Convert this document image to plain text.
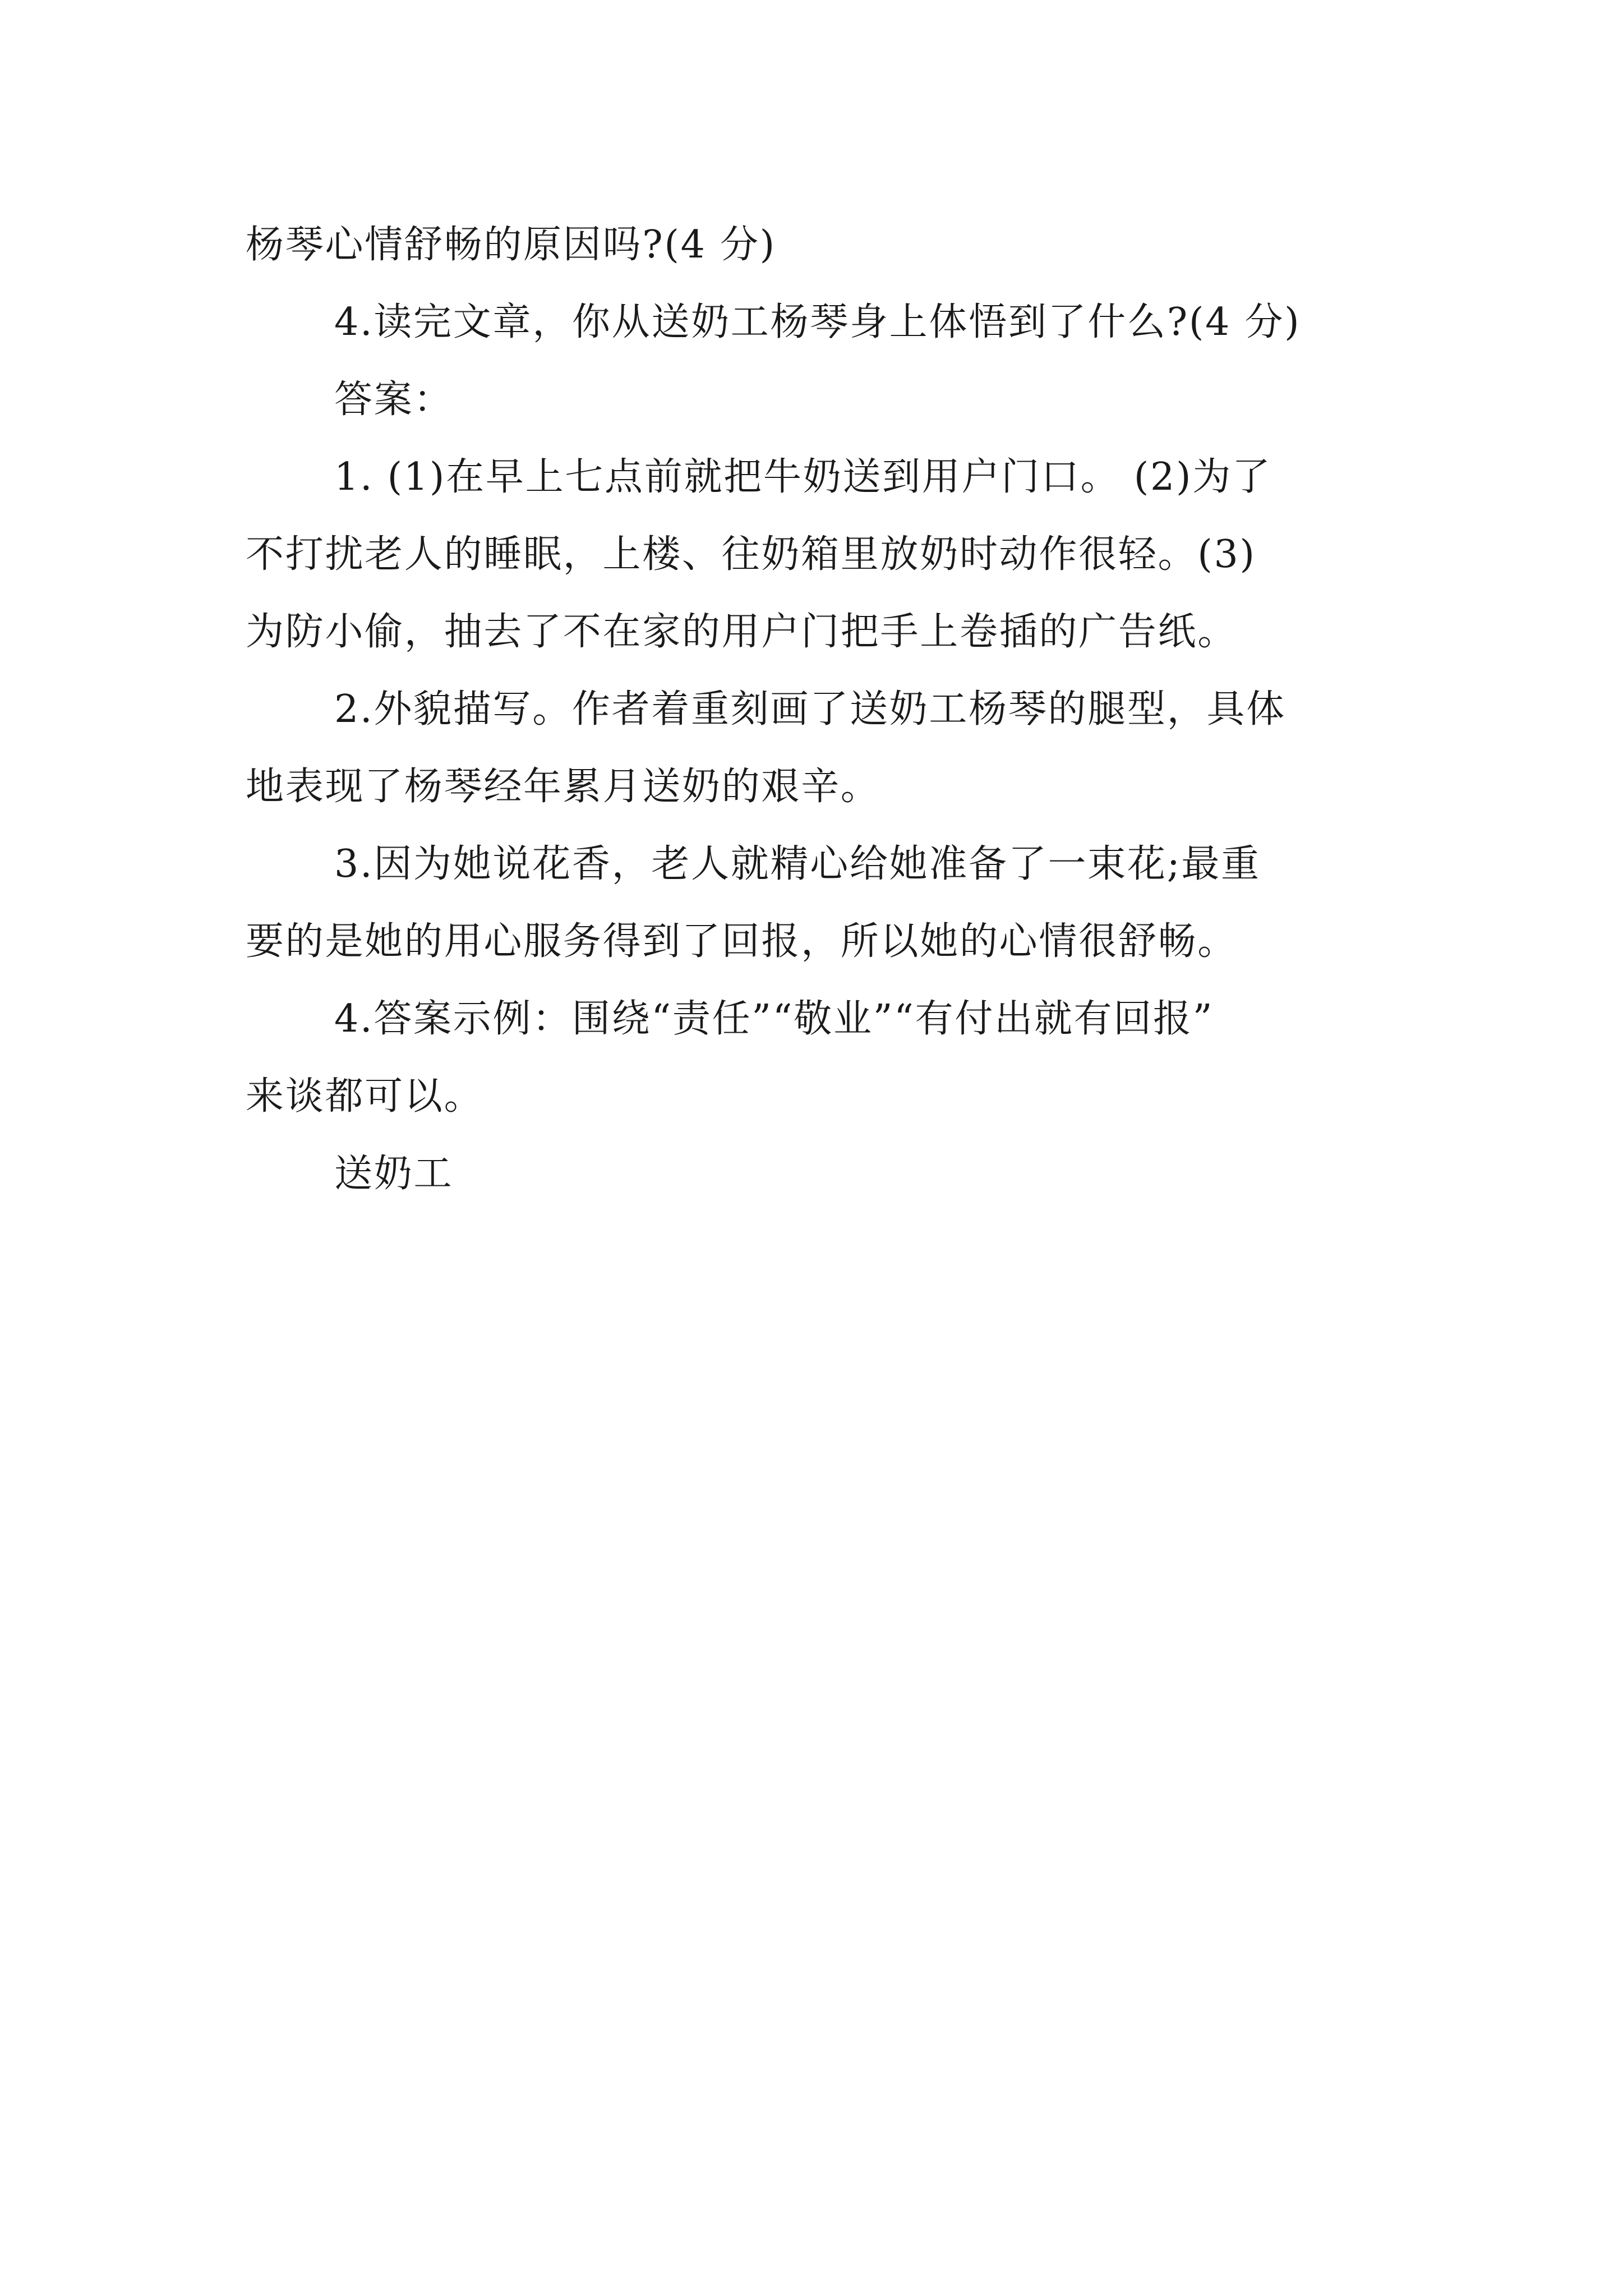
杨琴心情舒畅的原因吗?(4 分)

4.读完文章，你从送奶工杨琴身上体悟到了什么?(4 分)

答案：

1. (1)在早上七点前就把牛奶送到用户门口。 (2)为了
不打扰老人的睡眠，上楼、往奶箱里放奶时动作很轻。(3)
为防小偷，抽去了不在家的用户门把手上卷插的广告纸。

2.外貌描写。作者着重刻画了送奶工杨琴的腿型，具体
地表现了杨琴经年累月送奶的艰辛。

3.因为她说花香，老人就精心给她准备了一束花;最重
要的是她的用心服务得到了回报，所以她的心情很舒畅。

4.答案示例：围绕“责任”“敬业”“有付出就有回报”
来谈都可以。

送奶工
